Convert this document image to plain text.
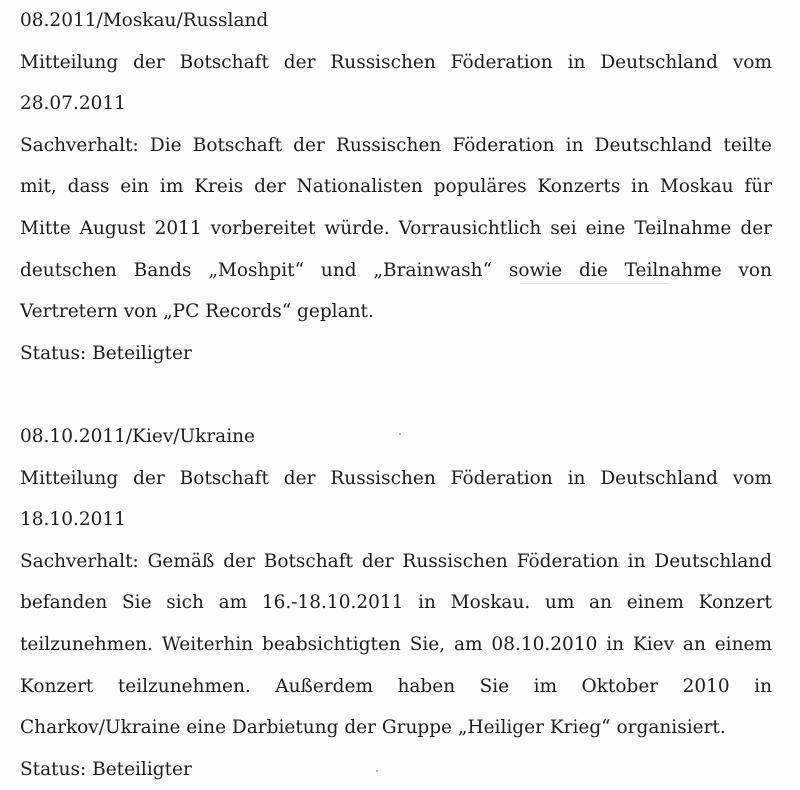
08.2011/Moskau/Russland
Mitteilung der Botschaft der Russischen Föderation in Deutschland vom
28.07.2011
Sachverhalt: Die Botschaft der Russischen Föderation in Deutschland teilte
mit, dass ein im Kreis der Nationalisten populäres Konzerts in Moskau für
Mitte August 2011 vorbereitet würde. Vorrausichtlich sei eine Teilnahme der
deutschen Bands „Moshpit“ und „Brainwash“ sowie die Teilnahme von
Vertretern von „PC Records“ geplant.
Status: Beteiligter
08.10.2011/Kiev/Ukraine
Mitteilung der Botschaft der Russischen Föderation in Deutschland vom
18.10.2011
Sachverhalt: Gemäß der Botschaft der Russischen Föderation in Deutschland
befanden Sie sich am 16.-18.10.2011 in Moskau. um an einem Konzert
teilzunehmen. Weiterhin beabsichtigten Sie, am 08.10.2010 in Kiev an einem
Konzert teilzunehmen. Außerdem haben Sie im Oktober 2010 in
Charkov/Ukraine eine Darbietung der Gruppe „Heiliger Krieg“ organisiert.
Status: Beteiligter
